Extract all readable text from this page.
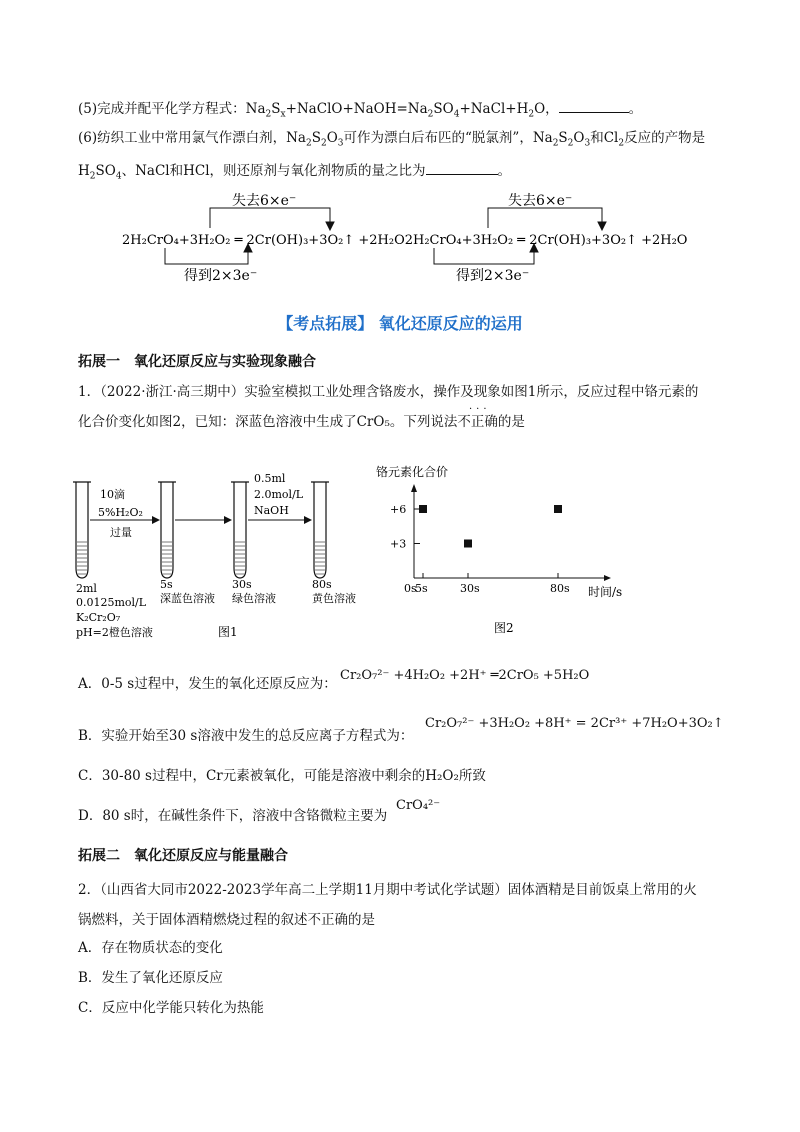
(5)完成并配平化学方程式：$Na_2S_x+NaClO+NaOH=Na_2SO_4+NaCl+H_2O$，	。
(6)纺织工业中常用氯气作漂白剂，$Na_2S_2O_3$可作为漂白后布匹的“脱氯剂”，$Na_2S_2O_3$和$Cl_2$反应的产物是
$H_2SO_4$、NaCl和HCl，则还原剂与氧化剂物质的量之比为	。
失去6×e⁻
得到2×3e⁻
失去6×e⁻
得到2×3e⁻
2H₂CrO₄+3H₂O₂ ═ 2Cr(OH)₃+3O₂↑ +2H₂O2H₂CrO₄+3H₂O₂ ═ 2Cr(OH)₃+3O₂↑ +2H₂O
【考点拓展】 氧化还原反应的运用
拓展一　氧化还原反应与实验现象融合
1．（2022·浙江·高三期中）实验室模拟工业处理含铬废水，操作及现象如图1所示，反应过程中铬元素的
···
化合价变化如图2，已知：深蓝色溶液中生成了CrO₅。下列说法不正确的是
10滴
5%H₂O₂
过量
0.5ml
2.0mol/L
NaOH
2ml
0.0125mol/L
K₂Cr₂O₇
pH=2橙色溶液
5s
深蓝色溶液
30s
绿色溶液
80s
黄色溶液
图1
铬元素化合价
时间/s
0s
5s	30s	80s
+3
+6
图2
A．0-5 s过程中，发生的氧化还原反应为：
Cr₂O₇²⁻ +4H₂O₂ +2H⁺ ═2CrO₅ +5H₂O
B．实验开始至30 s溶液中发生的总反应离子方程式为：
Cr₂O₇²⁻ +3H₂O₂ +8H⁺ = 2Cr³⁺ +7H₂O+3O₂↑
C．30-80 s过程中，Cr元素被氧化，可能是溶液中剩余的H₂O₂所致
D．80 s时，在碱性条件下，溶液中含铬微粒主要为
CrO₄²⁻
拓展二　氧化还原反应与能量融合
2．（山西省大同市2022-2023学年高二上学期11月期中考试化学试题）固体酒精是目前饭桌上常用的火
锅燃料，关于固体酒精燃烧过程的叙述不正确的是
A．存在物质状态的变化
B．发生了氧化还原反应
C．反应中化学能只转化为热能
